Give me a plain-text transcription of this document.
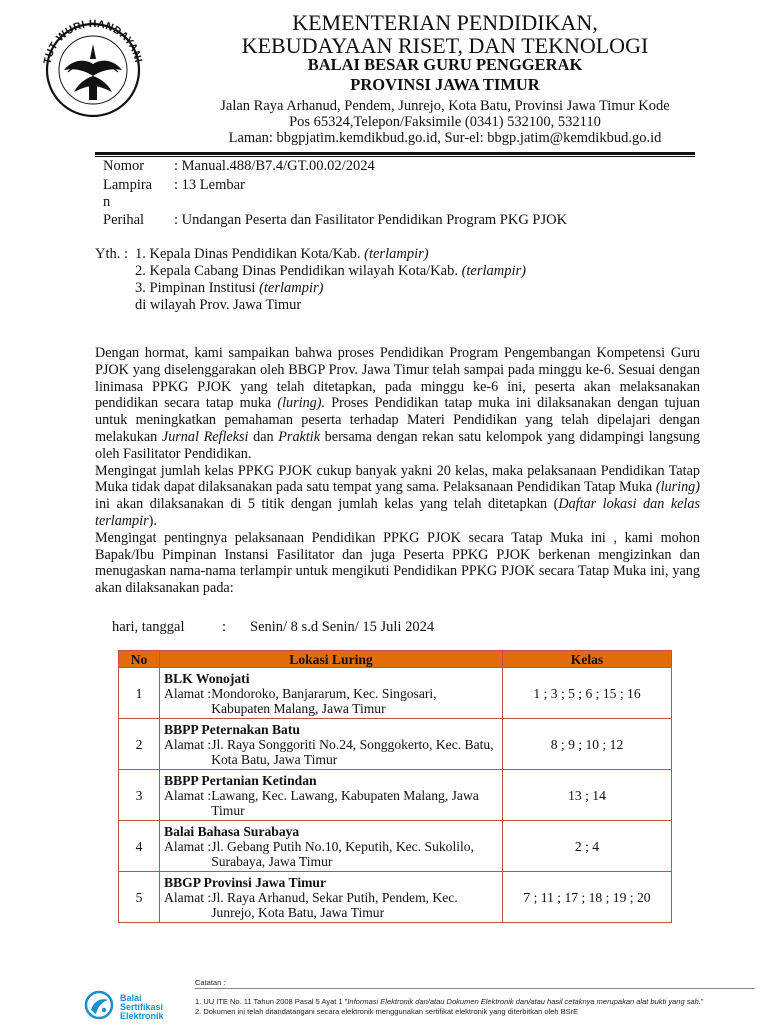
TUT WURI HANDAYANI
KEMENTERIAN PENDIDIKAN,
KEBUDAYAAN RISET, DAN TEKNOLOGI
BALAI BESAR GURU PENGGERAK
PROVINSI JAWA TIMUR
Jalan Raya Arhanud, Pendem, Junrejo, Kota Batu, Provinsi Jawa Timur Kode
Pos 65324,Telepon/Faksimile (0341) 532100, 532110
Laman: bbgpjatim.kemdikbud.go.id, Sur-el: bbgp.jatim@kemdikbud.go.id
Nomor : Manual.488/B7.4/GT.00.02/2024
Lampira
n
: 13 Lembar
Perihal : Undangan Peserta dan Fasilitator Pendidikan Program PKG PJOK
Yth. : 1. Kepala Dinas Pendidikan Kota/Kab. (terlampir)
2. Kepala Cabang Dinas Pendidikan wilayah Kota/Kab. (terlampir)
3. Pimpinan Institusi (terlampir)
di wilayah Prov. Jawa Timur

Dengan hormat, kami sampaikan bahwa proses Pendidikan Program Pengembangan Kompetensi Guru PJOK yang diselenggarakan oleh BBGP Prov. Jawa Timur telah sampai pada minggu ke-6. Sesuai dengan linimasa PPKG PJOK yang telah ditetapkan, pada minggu ke-6 ini, peserta akan melaksanakan pendidikan secara tatap muka (luring). Proses Pendidikan tatap muka ini dilaksanakan dengan tujuan untuk meningkatkan pemahaman peserta terhadap Materi Pendidikan yang telah dipelajari dengan melakukan Jurnal Refleksi dan Praktik bersama dengan rekan satu kelompok yang didampingi langsung oleh Fasilitator Pendidikan.

Mengingat jumlah kelas PPKG PJOK cukup banyak yakni 20 kelas, maka pelaksanaan Pendidikan Tatap Muka tidak dapat dilaksanakan pada satu tempat yang sama. Pelaksanaan Pendidikan Tatap Muka (luring) ini akan dilaksanakan di 5 titik dengan jumlah kelas yang telah ditetapkan (Daftar lokasi dan kelas terlampir).

Mengingat pentingnya pelaksanaan Pendidikan PPKG PJOK secara Tatap Muka ini , kami mohon Bapak/Ibu Pimpinan Instansi Fasilitator dan juga Peserta PPKG PJOK berkenan mengizinkan dan menugaskan nama-nama terlampir untuk mengikuti Pendidikan PPKG PJOK secara Tatap Muka ini, yang akan dilaksanakan pada:

hari, tanggal	: Senin/ 8 s.d Senin/ 15 Juli 2024
No	Lokasi Luring	Kelas
1	BLK Wonojati
Alamat : Mondoroko, Banjararum, Kec. Singosari, Kabupaten Malang, Jawa Timur	1 ; 3 ; 5 ; 6 ; 15 ; 16
2	BBPP Peternakan Batu
Alamat : Jl. Raya Songgoriti No.24, Songgokerto, Kec. Batu, Kota Batu, Jawa Timur	8 ; 9 ; 10 ; 12
3	BBPP Pertanian Ketindan
Alamat : Lawang, Kec. Lawang, Kabupaten Malang, Jawa Timur	13 ; 14
4	Balai Bahasa Surabaya
Alamat : Jl. Gebang Putih No.10, Keputih, Kec. Sukolilo, Surabaya, Jawa Timur	2 ; 4
5	BBGP Provinsi Jawa Timur
Alamat : Jl. Raya Arhanud, Sekar Putih, Pendem, Kec. Junrejo, Kota Batu, Jawa Timur	7 ; 11 ; 17 ; 18 ; 19 ; 20
Balai
Sertifikasi
Elektronik
Catatan :
1. UU ITE No. 11 Tahun 2008 Pasal 5 Ayat 1 "Informasi Elektronik dan/atau Dokumen Elektronik dan/atau hasil cetaknya merupakan alat bukti yang sah."
2. Dokumen ini telah ditandatangani secara elektronik menggunakan sertifikat elektronik yang diterbitkan oleh BSrE
